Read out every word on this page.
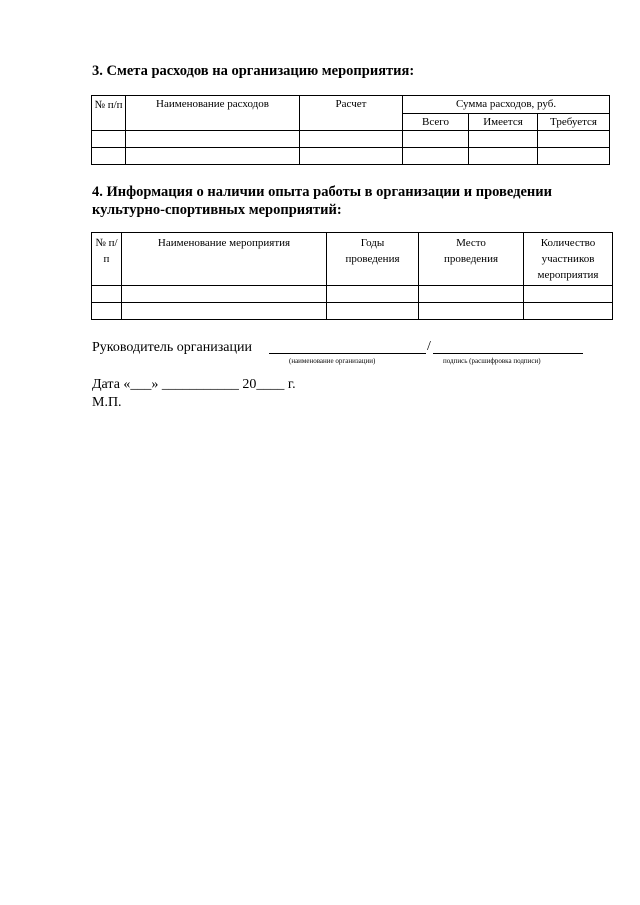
3. Смета расходов на организацию мероприятия:
№ п/п	Наименование расходов	Расчет	Сумма расходов, руб.		
			Всего	Имеется	Требуется

4. Информация о наличии опыта работы в организации и проведении
культурно-спортивных мероприятий:
№ п/п	Наименование мероприятия	Годы проведения	Место проведения	Количество участников мероприятия

Руководитель организации	/
(наименование организации)	подпись (расшифровка подписи)
Дата «___» ___________ 20____ г.
М.П.
